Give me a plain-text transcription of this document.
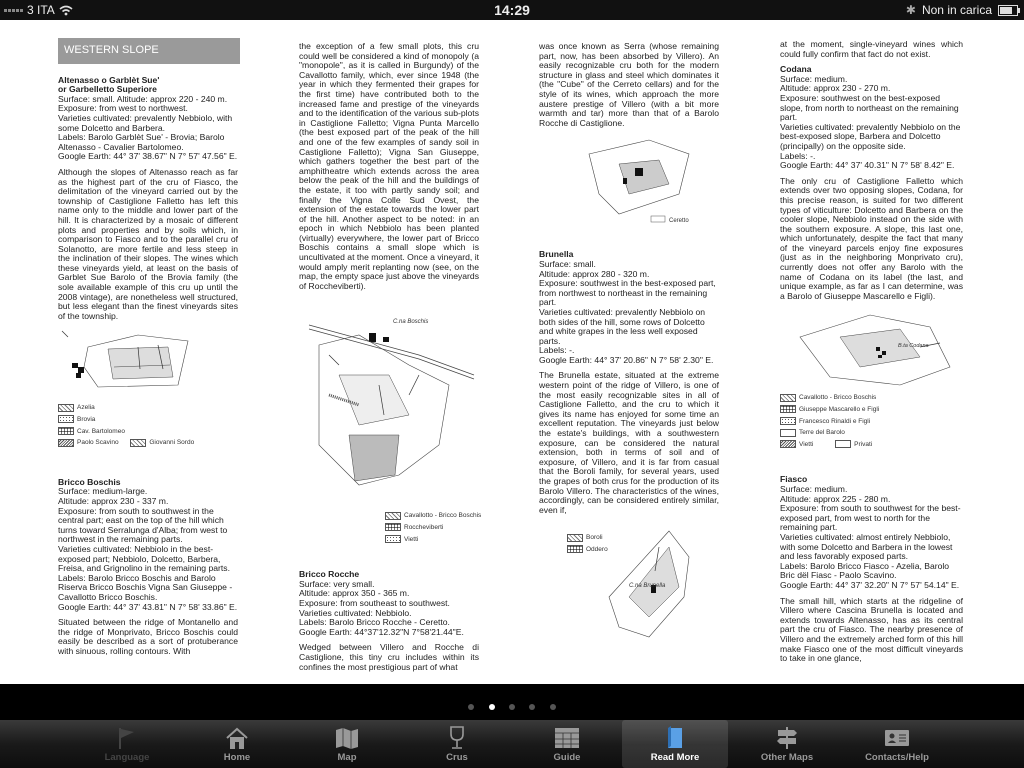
3 ITA	14:29	✱ Non in carica
WESTERN SLOPE
Altenasso o Garblèt Sue'
or Garbelletto Superiore
Surface: small. Altitude: approx 220 - 240 m.
Exposure: from west to northwest.
Varieties cultivated: prevalently Nebbiolo, with some Dolcetto and Barbera.
Labels: Barolo Garblèt Sue' - Brovia; Barolo Altenasso - Cavalier Bartolomeo.

Google Earth: 44° 37' 38.67" N 7° 57' 47.56" E.

Although the slopes of Altenasso reach as far as the highest part of the cru of Fiasco, the delimitation of the vineyard carried out by the township of Castiglione Falletto has left this name only to the middle and lower part of the hill. It is characterized by a mosaic of different plots and properties and by soils which, in comparison to Fiasco and to the parallel cru of Solanotto, are more fertile and less steep in the inclination of their slopes. The wines which these vineyards yield, at least on the basis of Garblet Sue Barolo of the Brovia family (the sole available example of this cru up until the 2008 vintage), are nonetheless well structured, but less elegant than the finest vineyards sites of the township.

Azelia
Brovia
Cav. Bartolomeo
Paolo Scavino	Giovanni Sordo
Bricco Boschis
Surface: medium-large.
Altitude: approx 230 - 337 m.
Exposure: from south to southwest in the central part; east on the top of the hill which turns toward Serralunga d'Alba; from west to northwest in the remaining parts.
Varieties cultivated: Nebbiolo in the best-exposed part; Nebbiolo, Dolcetto, Barbera, Freisa, and Grignolino in the remaining parts.
Labels: Barolo Bricco Boschis and Barolo Riserva Bricco Boschis Vigna San Giuseppe - Cavallotto Bricco Boschis.

Google Earth: 44° 37' 43.81" N 7° 58' 33.86" E.

Situated between the ridge of Montanello and the ridge of Monprivato, Bricco Boschis could easily be described as a sort of protuberance with sinuous, rolling contours. With

the exception of a few small plots, this cru could well be considered a kind of monopoly (a "monopole", as it is called in Burgundy) of the Cavallotto family, which, ever since 1948 (the year in which they fermented their grapes for the first time) have contributed both to the increased fame and prestige of the vineyards and to the identification of the various sub-plots in Castiglione Falletto; Vigna Punta Marcello (the best exposed part of the peak of the hill and one of the few examples of sandy soil in Castiglione Falletto); Vigna San Giuseppe, which gathers together the best part of the amphitheatre which extends across the area below the peak of the hill and the buildings of the estate, it too with partly sandy soil; and finally the Vigna Colle Sud Ovest, the extension of the estate towards the lower part of the hill. Another aspect to be noted: in an epoch in which Nebbiolo has been planted (virtually) everywhere, the lower part of Bricco Boschis contains a small slope which is uncultivated at the moment. Once a vineyard, it would amply merit replanting now (see, on the map, the empty space just above the vineyards of Roccheviberti).

C.na Boschis
Cavallotto - Bricco Boschis
Roccheviberti
Vietti
Bricco Rocche
Surface: very small.
Altitude: approx 350 - 365 m.
Exposure: from southeast to southwest.
Varieties cultivated: Nebbiolo.
Labels: Barolo Bricco Rocche - Ceretto.

Google Earth: 44°37'12.32"N 7°58'21.44"E.

Wedged between Villero and Rocche di Castiglione, this tiny cru includes within its confines the most prestigious part of what

was once known as Serra (whose remaining part, now, has been absorbed by Villero). An easily recognizable cru both for the modern structure in glass and steel which dominates it (the "Cube" of the Cerreto cellars) and for the style of its wines, which approach the more austere prestige of Villero (with a bit more warmth and tar) more than that of a Barolo Rocche di Castiglione.

Ceretto
Brunella
Surface: small.
Altitude: approx 280 - 320 m.
Exposure: southwest in the best-exposed part, from northwest to northeast in the remaining part.
Varieties cultivated: prevalently Nebbiolo on both sides of the hill, some rows of Dolcetto and white grapes in the less well exposed parts.
Labels: -.

Google Earth: 44° 37' 20.86" N 7° 58' 2.30" E.

The Brunella estate, situated at the extreme western point of the ridge of Villero, is one of the most easily recognizable sites in all of Castiglione Falletto, and the cru to which it gives its name has enjoyed for some time an excellent reputation. The vineyards just below the estate's buildings, with a southwestern exposure, can be considered the natural extension, both in terms of soil and of exposure, of Villero, and it is far from casual that the Boroli family, for several years, used the grapes of both crus for the production of its Barolo Villero. The characteristics of the wines, accordingly, can be considered entirely similar, even if,

Boroli
Oddero
C.na Brunella

at the moment, single-vineyard wines which could fully confirm that fact do not exist.

Codana
Surface: medium.
Altitude: approx 230 - 270 m.
Exposure: southwest on the best-exposed slope, from north to northeast on the remaining part.
Varieties cultivated: prevalently Nebbiolo on the best-exposed slope, Barbera and Dolcetto (principally) on the opposite side.
Labels: -.

Google Earth: 44° 37' 40.31" N 7° 58' 8.42" E.

The only cru of Castiglione Falletto which extends over two opposing slopes, Codana, for this precise reason, is suited for two different types of viticulture: Dolcetto and Barbera on the cooler slope, Nebbiolo instead on the side with the southern exposure. A slope, this last one, which unfortunately, despite the fact that many of the vineyard parcels enjoy fine exposures (just as in the neighboring Monprivato cru), currently does not offer any Barolo with the name of Codana on its label (the last, and unique example, as far as I can determine, was a Barolo of Giuseppe Mascarello e Figli).

B.ta Codana
Cavallotto - Bricco Boschis
Giuseppe Mascarello e Figli
Francesco Rinaldi e Figli
Terre del Barolo
Vietti	Privati
Fiasco
Surface: medium.
Altitude: approx 225 - 280 m.
Exposure: from south to southwest for the best-exposed part, from west to north for the remaining part.
Varieties cultivated: almost entirely Nebbiolo, with some Dolcetto and Barbera in the lowest and less favorably exposed parts.
Labels: Barolo Bricco Fiasco - Azelia, Barolo Bric dël Fiasc - Paolo Scavino.

Google Earth: 44° 37' 32.20" N 7° 57' 54.14" E.

The small hill, which starts at the ridgeline of Villero where Cascina Brunella is located and extends towards Altenasso, has as its central part the cru of Fiasco. The nearby presence of Villero and the extremely arched form of this hill make Fiasco one of the most difficult vineyards to take in one glance,

Language	Home	Map	Crus	Guide	Read More	Other Maps	Contacts/Help
